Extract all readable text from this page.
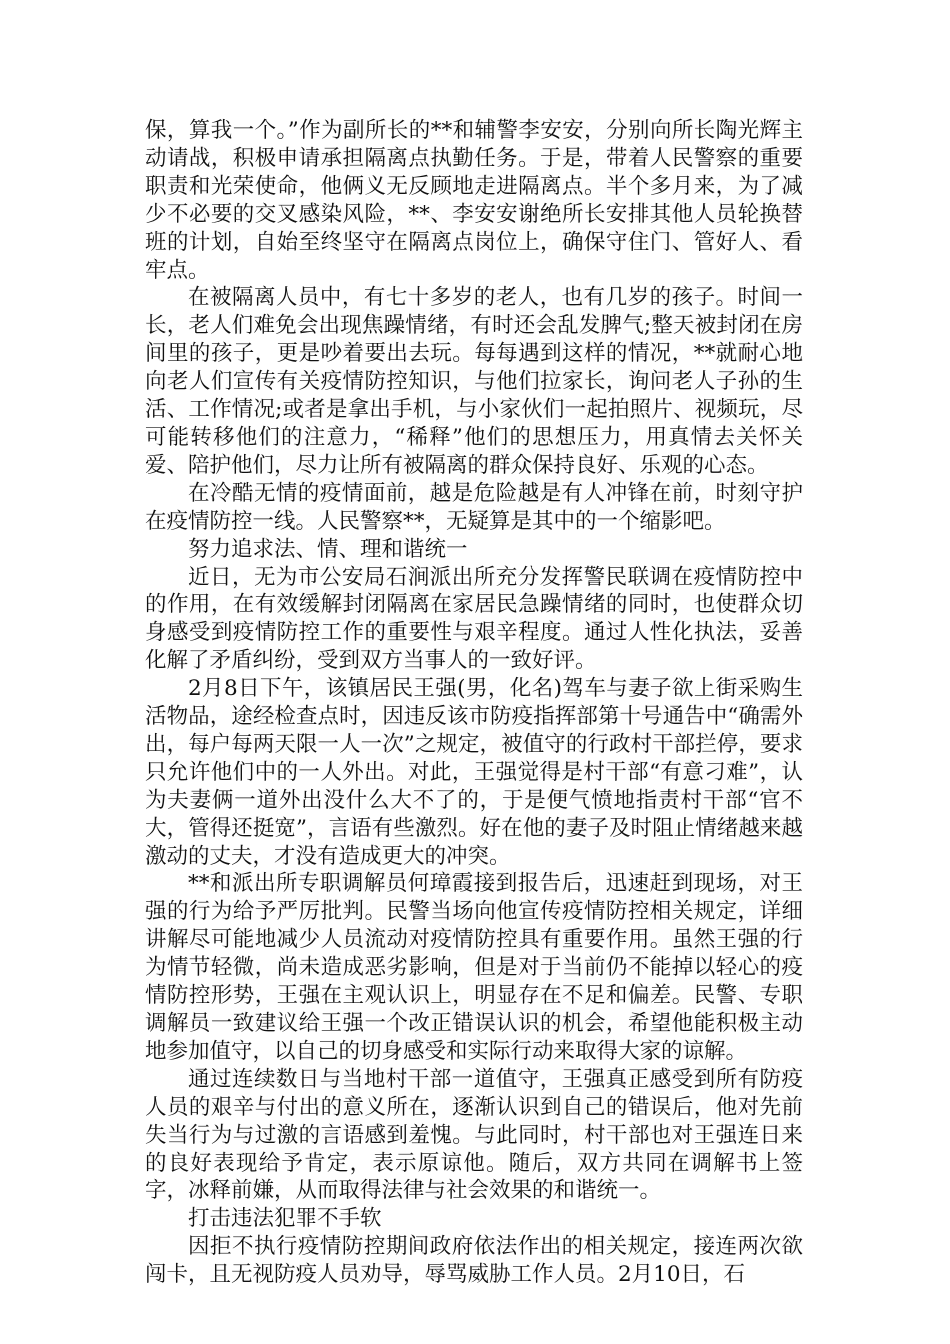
保，算我一个。”作为副所长的**和辅警李安安，分别向所长陶光辉主动请战，积极申请承担隔离点执勤任务。于是，带着人民警察的重要职责和光荣使命，他俩义无反顾地走进隔离点。半个多月来，为了减少不必要的交叉感染风险，**、李安安谢绝所长安排其他人员轮换替班的计划，自始至终坚守在隔离点岗位上，确保守住门、管好人、看牢点。

在被隔离人员中，有七十多岁的老人，也有几岁的孩子。时间一长，老人们难免会出现焦躁情绪，有时还会乱发脾气;整天被封闭在房间里的孩子，更是吵着要出去玩。每每遇到这样的情况，**就耐心地向老人们宣传有关疫情防控知识，与他们拉家长，询问老人子孙的生活、工作情况;或者是拿出手机，与小家伙们一起拍照片、视频玩，尽可能转移他们的注意力，“稀释”他们的思想压力，用真情去关怀关爱、陪护他们，尽力让所有被隔离的群众保持良好、乐观的心态。

在冷酷无情的疫情面前，越是危险越是有人冲锋在前，时刻守护在疫情防控一线。人民警察**，无疑算是其中的一个缩影吧。

努力追求法、情、理和谐统一

近日，无为市公安局石涧派出所充分发挥警民联调在疫情防控中的作用，在有效缓解封闭隔离在家居民急躁情绪的同时，也使群众切身感受到疫情防控工作的重要性与艰辛程度。通过人性化执法，妥善化解了矛盾纠纷，受到双方当事人的一致好评。

2月8日下午，该镇居民王强(男，化名)驾车与妻子欲上街采购生活物品，途经检查点时，因违反该市防疫指挥部第十号通告中“确需外出，每户每两天限一人一次”之规定，被值守的行政村干部拦停，要求只允许他们中的一人外出。对此，王强觉得是村干部“有意刁难”，认为夫妻俩一道外出没什么大不了的，于是便气愤地指责村干部“官不大，管得还挺宽”，言语有些激烈。好在他的妻子及时阻止情绪越来越激动的丈夫，才没有造成更大的冲突。

**和派出所专职调解员何璋霞接到报告后，迅速赶到现场，对王强的行为给予严厉批判。民警当场向他宣传疫情防控相关规定，详细讲解尽可能地减少人员流动对疫情防控具有重要作用。虽然王强的行为情节轻微，尚未造成恶劣影响，但是对于当前仍不能掉以轻心的疫情防控形势，王强在主观认识上，明显存在不足和偏差。民警、专职调解员一致建议给王强一个改正错误认识的机会，希望他能积极主动地参加值守，以自己的切身感受和实际行动来取得大家的谅解。

通过连续数日与当地村干部一道值守，王强真正感受到所有防疫人员的艰辛与付出的意义所在，逐渐认识到自己的错误后，他对先前失当行为与过激的言语感到羞愧。与此同时，村干部也对王强连日来的良好表现给予肯定，表示原谅他。随后，双方共同在调解书上签字，冰释前嫌，从而取得法律与社会效果的和谐统一。

打击违法犯罪不手软

因拒不执行疫情防控期间政府依法作出的相关规定，接连两次欲闯卡，且无视防疫人员劝导，辱骂威胁工作人员。2月10日，石
